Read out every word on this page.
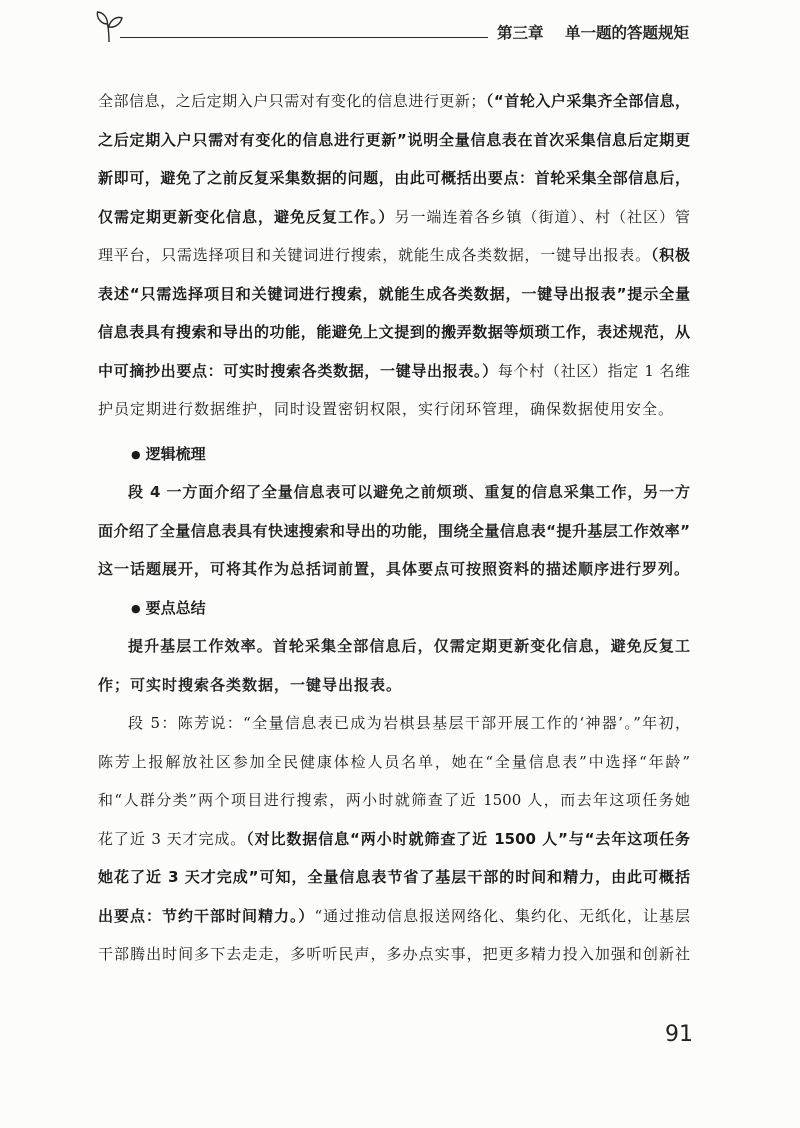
第三章 单一题的答题规矩
全部信息，之后定期入户只需对有变化的信息进行更新；（“首轮入户采集齐全部信息，
之后定期入户只需对有变化的信息进行更新”说明全量信息表在首次采集信息后定期更
新即可，避免了之前反复采集数据的问题，由此可概括出要点：首轮采集全部信息后，
仅需定期更新变化信息，避免反复工作。）另一端连着各乡镇（街道）、村（社区）管
理平台，只需选择项目和关键词进行搜索，就能生成各类数据，一键导出报表。（积极
表述“只需选择项目和关键词进行搜索，就能生成各类数据，一键导出报表”提示全量
信息表具有搜索和导出的功能，能避免上文提到的搬弄数据等烦琐工作，表述规范，从
中可摘抄出要点：可实时搜索各类数据，一键导出报表。）每个村（社区）指定 1 名维
护员定期进行数据维护，同时设置密钥权限，实行闭环管理，确保数据使用安全。
● 逻辑梳理
段 4 一方面介绍了全量信息表可以避免之前烦琐、重复的信息采集工作，另一方
面介绍了全量信息表具有快速搜索和导出的功能，围绕全量信息表“提升基层工作效率”
这一话题展开，可将其作为总括词前置，具体要点可按照资料的描述顺序进行罗列。
● 要点总结
提升基层工作效率。首轮采集全部信息后，仅需定期更新变化信息，避免反复工
作；可实时搜索各类数据，一键导出报表。
段 5：陈芳说：“全量信息表已成为岩棋县基层干部开展工作的‘神器’。”年初，
陈芳上报解放社区参加全民健康体检人员名单，她在“全量信息表”中选择“年龄”
和“人群分类”两个项目进行搜索，两小时就筛查了近 1500 人，而去年这项任务她
花了近 3 天才完成。（对比数据信息“两小时就筛查了近 1500 人”与“去年这项任务
她花了近 3 天才完成”可知，全量信息表节省了基层干部的时间和精力，由此可概括
出要点：节约干部时间精力。）“通过推动信息报送网络化、集约化、无纸化，让基层
干部腾出时间多下去走走，多听听民声，多办点实事，把更多精力投入加强和创新社
91
